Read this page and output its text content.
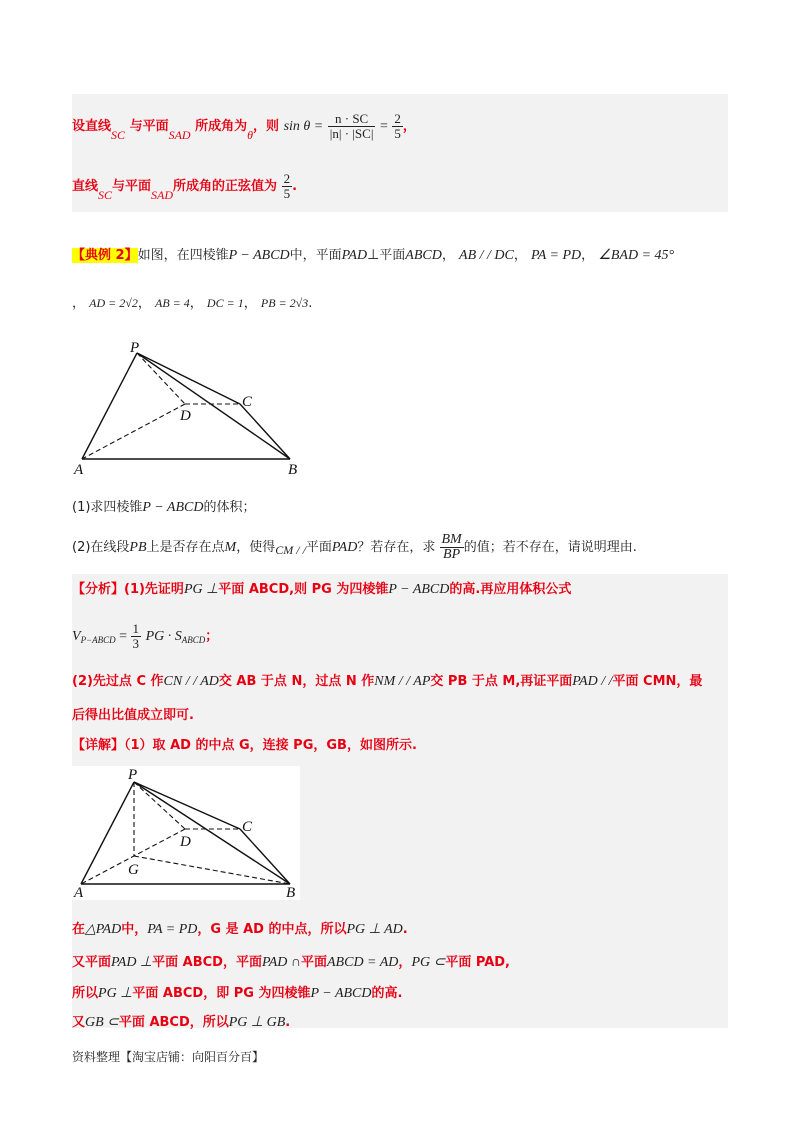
设直线SC 与平面SAD 所成角为θ，则 $\sin \theta = \frac{n \cdot SC}{|n| \cdot |SC|} = \frac{2}{5}$ ，
直线SC与平面SAD所成角的正弦值为 $\frac{2}{5}$ .
【典例 2】如图，在四棱锥P − ABCD中，平面PAD⊥平面ABCD， AB / / DC， PA = PD， ∠BAD = 45°
， AD = 2√2， AB = 4， DC = 1， PB = 2√3.
P
A	B
C
D
(1)求四棱锥P − ABCD的体积；
(2)在线段PB上是否存在点M，使得CM / /平面PAD？若存在，求 $\frac{BM}{BP}$ 的值；若不存在，请说明理由.
【分析】(1)先证明PG ⊥平面 ABCD,则 PG 为四棱锥P − ABCD的高.再应用体积公式
$V_{P-ABCD} = \frac{1}{3}$ PG · $S_{ABCD}$；
(2)先过点 C 作CN / / AD交 AB 于点 N，过点 N 作NM / / AP交 PB 于点 M,再证平面PAD / /平面 CMN，最
后得出比值成立即可.
【详解】（1）取 AD 的中点 G，连接 PG，GB，如图所示.
P
A	B
C
D
G
在△PAD中，PA = PD，G 是 AD 的中点，所以PG ⊥ AD.
又平面PAD ⊥平面 ABCD，平面PAD ∩平面ABCD = AD，PG ⊂平面 PAD,
所以PG ⊥平面 ABCD，即 PG 为四棱锥P − ABCD的高.
又GB ⊂平面 ABCD，所以PG ⊥ GB.
资料整理【淘宝店铺：向阳百分百】
